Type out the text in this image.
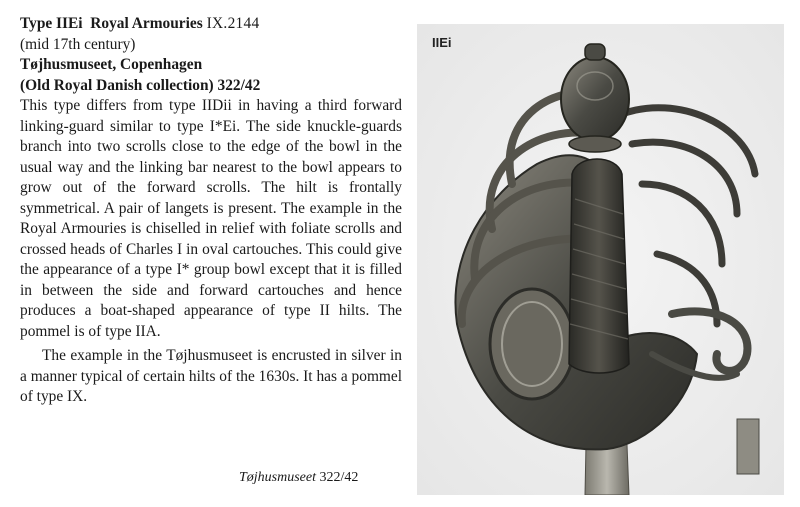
Type IIEi Royal Armouries IX.2144

(mid 17th century)

Tøjhusmuseet, Copenhagen

(Old Royal Danish collection) 322/42

This type differs from type IIDii in having a third forward linking-guard similar to type I*Ei. The side knuckle-guards branch into two scrolls close to the edge of the bowl in the usual way and the linking bar nearest to the bowl appears to grow out of the forward scrolls. The hilt is frontally symmetrical. A pair of langets is present. The example in the Royal Armouries is chiselled in relief with foliate scrolls and crossed heads of Charles I in oval cartouches. This could give the appearance of a type I* group bowl except that it is filled in between the side and forward cartouches and hence produces a boat-shaped appearance of type II hilts. The pommel is of type IIA.

The example in the Tøjhusmuseet is encrusted in silver in a manner typical of certain hilts of the 1630s. It has a pommel of type IX.

Tøjhusmuseet 322/42
IIEi
